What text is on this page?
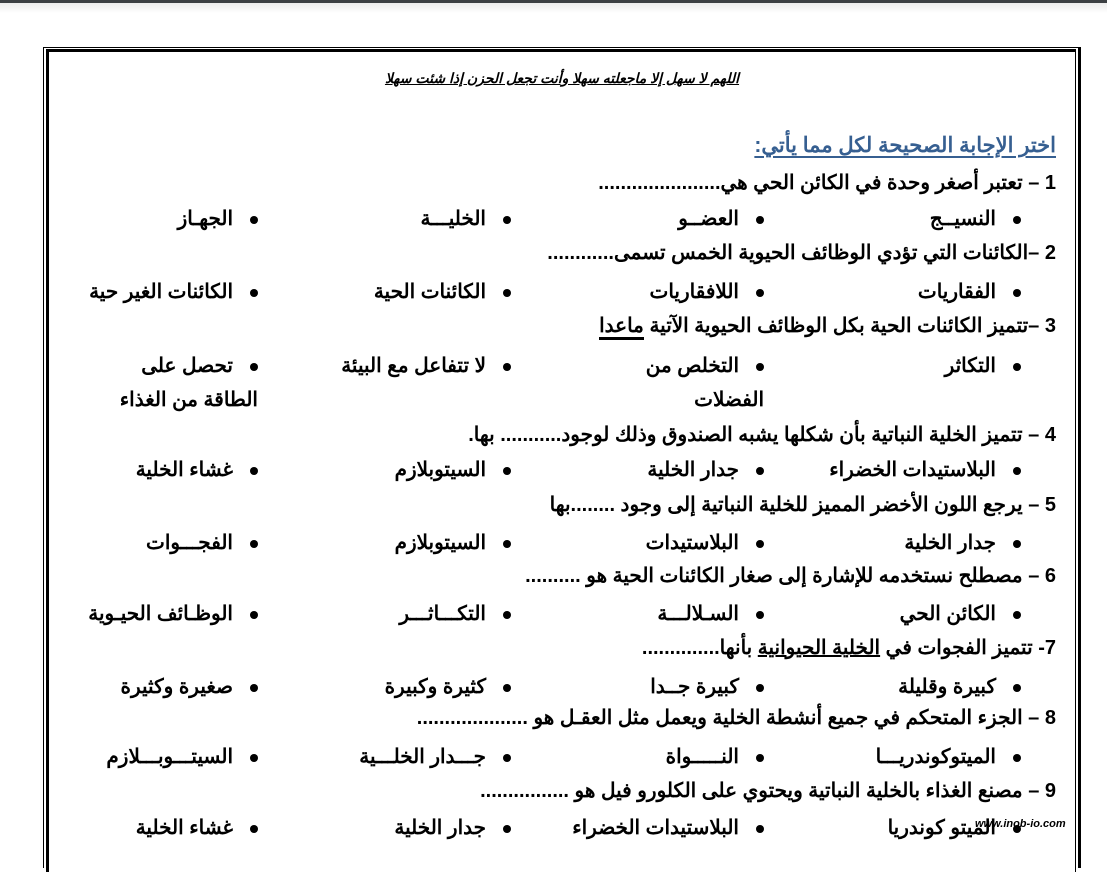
اللهم لا سهل إلا ماجعلته سهلا وأنت تجعل الحزن إذا شئت سهلا
اختر الإجابة الصحيحة لكل مما يأتي:
1 – تعتبر أصغر وحدة في الكائن الحي هي......................
النسيــج
العضــو
الخليـــة
الجهـاز
2 –الكائنات التي تؤدي الوظائف الحيوية الخمس تسمى............
الفقاريات
اللافقاريات
الكائنات الحية
الكائنات الغير حية
3 –تتميز الكائنات الحية بكل الوظائف الحيوية الآتية ماعدا
التكاثر
التخلص من الفضلات
لا تتفاعل مع البيئة
تحصل على الطاقة من الغذاء
4 – تتميز الخلية النباتية بأن شكلها يشبه الصندوق وذلك لوجود........... بها.
البلاستيدات الخضراء
جدار الخلية
السيتوبلازم
غشاء الخلية
5 – يرجع اللون الأخضر المميز للخلية النباتية إلى وجود ........بها
جدار الخلية
البلاستيدات
السيتوبلازم
الفجـــوات
6 – مصطلح نستخدمه للإشارة إلى صغار الكائنات الحية هو ..........
الكائن الحي
السـلالـــة
التكـــاثـــر
الوظـائف الحيـوية
7- تتميز الفجوات في الخلية الحيوانية بأنها..............
كبيرة وقليلة
كبيرة جــدا
كثيرة وكبيرة
صغيرة وكثيرة
8 – الجزء المتحكم في جميع أنشطة الخلية ويعمل مثل العقـل هو ....................
الميتوكوندريـــا
النـــــواة
جـــدار الخلـــية
السيتـــوبـــلازم
9 – مصنع الغذاء بالخلية النباتية ويحتوي على الكلورو فيل هو ................
الميتو كوندريا
البلاستيدات الخضراء
جدار الخلية
غشاء الخلية	www.inob-io.com
